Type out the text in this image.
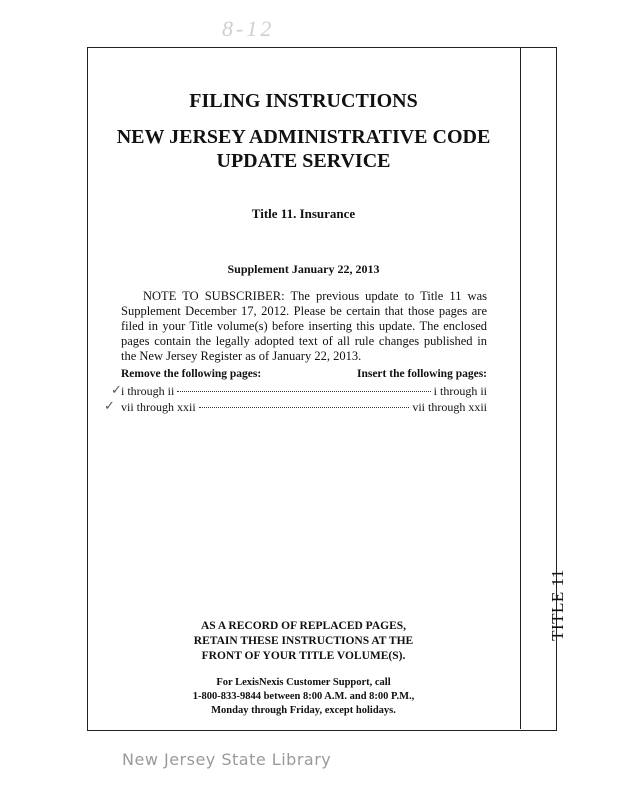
8-12
TITLE 11
FILING INSTRUCTIONS
NEW JERSEY ADMINISTRATIVE CODE
UPDATE SERVICE
Title 11. Insurance
Supplement January 22, 2013
NOTE TO SUBSCRIBER: The previous update to Title 11 was Supplement December 17, 2012. Please be certain that those pages are filed in your Title volume(s) before inserting this update. The enclosed pages contain the legally adopted text of all rule changes published in the New Jersey Register as of January 22, 2013.
Remove the following pages:	Insert the following pages:
✓ i through ii	i through ii
✓ vii through xxii	vii through xxii
AS A RECORD OF REPLACED PAGES,
RETAIN THESE INSTRUCTIONS AT THE
FRONT OF YOUR TITLE VOLUME(S).
For LexisNexis Customer Support, call
1-800-833-9844 between 8:00 A.M. and 8:00 P.M.,
Monday through Friday, except holidays.
New Jersey State Library
